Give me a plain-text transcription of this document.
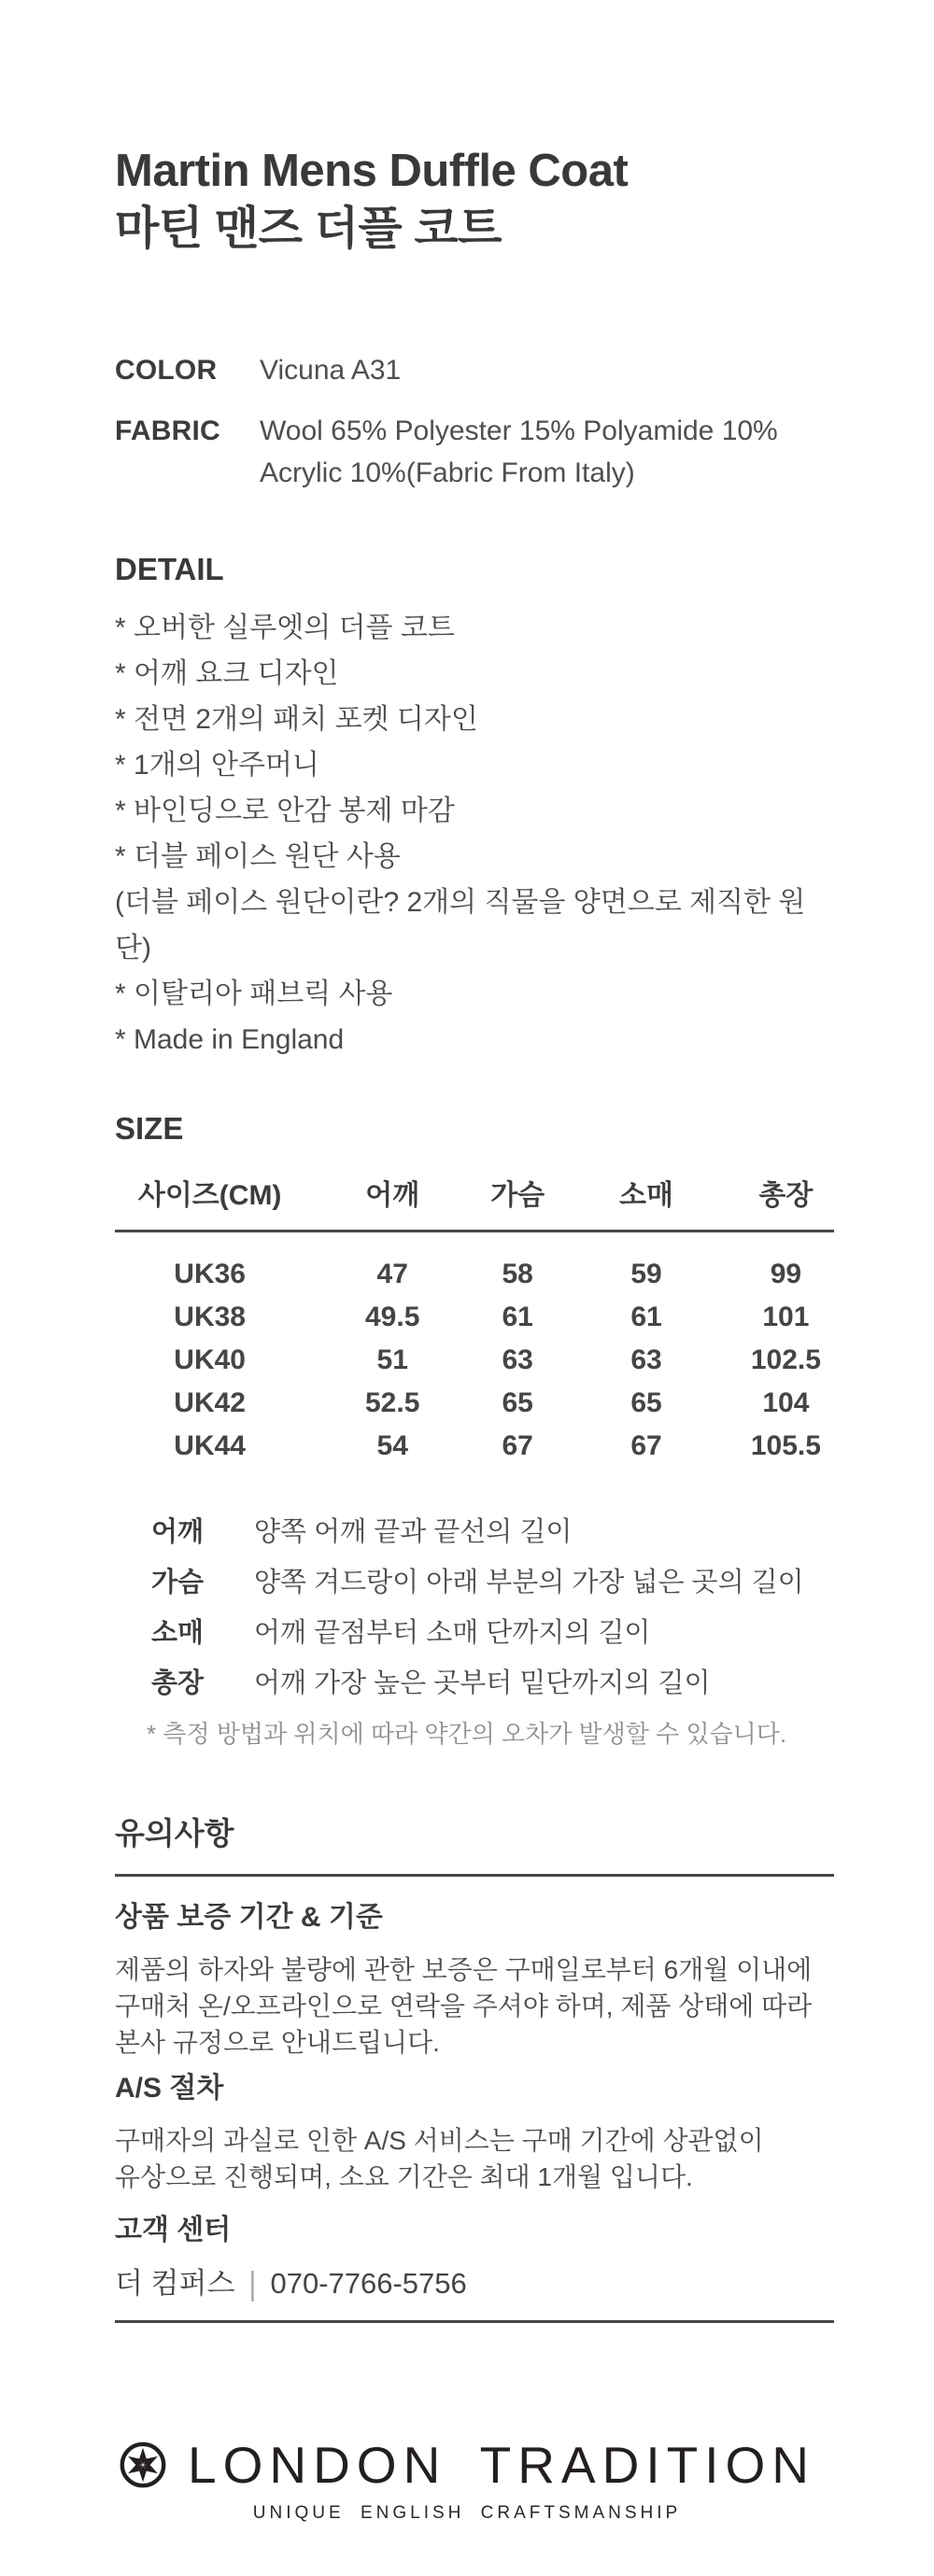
Martin Mens Duffle Coat
마틴 맨즈 더플 코트
COLOR	Vicuna A31
FABRIC	Wool 65% Polyester 15% Polyamide 10% Acrylic 10%(Fabric From Italy)
DETAIL
* 오버한 실루엣의 더플 코트
* 어깨 요크 디자인
* 전면 2개의 패치 포켓 디자인
* 1개의 안주머니
* 바인딩으로 안감 봉제 마감
* 더블 페이스 원단 사용
(더블 페이스 원단이란? 2개의 직물을 양면으로 제직한 원단)
* 이탈리아 패브릭 사용
* Made in England
SIZE
사이즈(CM)	어깨	가슴	소매	총장
UK36	47	58	59	99
UK38	49.5	61	61	101
UK40	51	63	63	102.5
UK42	52.5	65	65	104
UK44	54	67	67	105.5
어깨	양쪽 어깨 끝과 끝선의 길이
가슴	양쪽 겨드랑이 아래 부분의 가장 넓은 곳의 길이
소매	어깨 끝점부터 소매 단까지의 길이
총장	어깨 가장 높은 곳부터 밑단까지의 길이

* 측정 방법과 위치에 따라 약간의 오차가 발생할 수 있습니다.

유의사항
상품 보증 기간 & 기준
제품의 하자와 불량에 관한 보증은 구매일로부터 6개월 이내에
구매처 온/오프라인으로 연락을 주셔야 하며, 제품 상태에 따라
본사 규정으로 안내드립니다.
A/S 절차
구매자의 과실로 인한 A/S 서비스는 구매 기간에 상관없이
유상으로 진행되며, 소요 기간은 최대 1개월 입니다.
고객 센터
더 컴퍼스 | 070-7766-5756
LONDON TRADITION
UNIQUE ENGLISH CRAFTSMANSHIP
